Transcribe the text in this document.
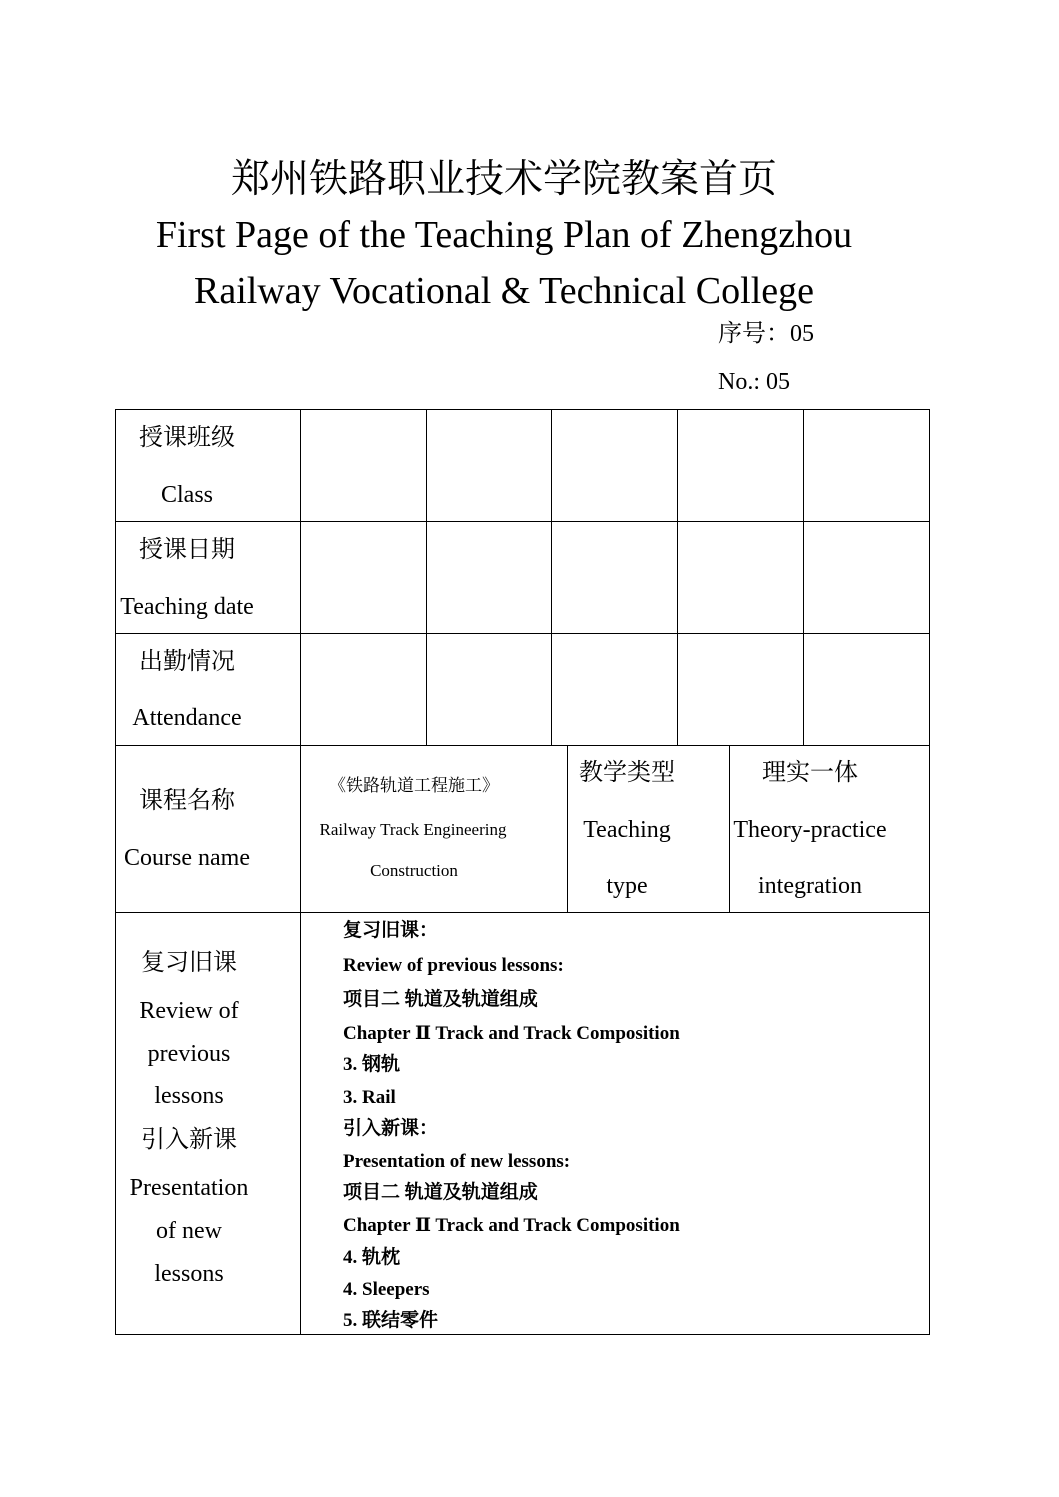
郑州铁路职业技术学院教案首页
First Page of the Teaching Plan of Zhengzhou
Railway Vocational & Technical College
序号：05
No.: 05
授课班级
Class
授课日期
Teaching date
出勤情况
Attendance
课程名称
Course name
《铁路轨道工程施工》
Railway Track Engineering
Construction
教学类型
Teaching
type
理实一体
Theory-practice
integration
复习旧课
Review of
previous
lessons
引入新课
Presentation
of new
lessons
复习旧课：
Review of previous lessons:
项目二 轨道及轨道组成
Chapter Ⅱ Track and Track Composition
3. 钢轨
3. Rail
引入新课：
Presentation of new lessons:
项目二 轨道及轨道组成
Chapter Ⅱ Track and Track Composition
4. 轨枕
4. Sleepers
5. 联结零件
